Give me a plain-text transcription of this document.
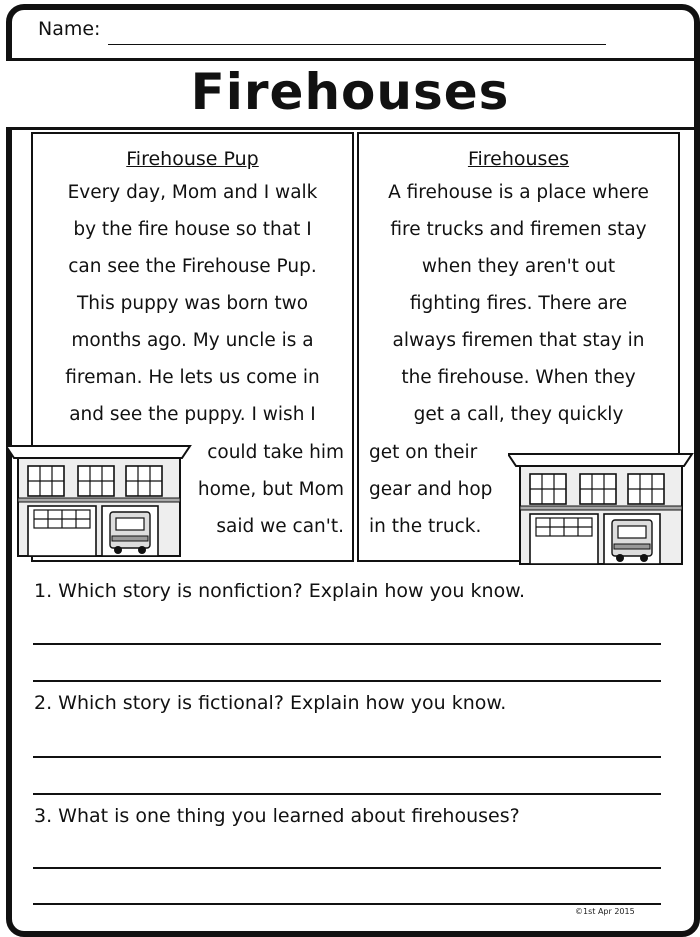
Name:
Firehouses
Firehouse Pup
Every day, Mom and I walk
by the fire house so that I
can see the Firehouse Pup.
This puppy was born two
months ago. My uncle is a
fireman. He lets us come in
and see the puppy. I wish I
could take him
home, but Mom
said we can't.
Firehouses
A firehouse is a place where
fire trucks and firemen stay
when they aren't out
fighting fires. There are
always firemen that stay in
the firehouse. When they
get a call, they quickly
get on their
gear and hop
in the truck.
1. Which story is nonfiction? Explain how you know.
2. Which story is fictional? Explain how you know.
3. What is one thing you learned about firehouses?
©1st Apr 2015
